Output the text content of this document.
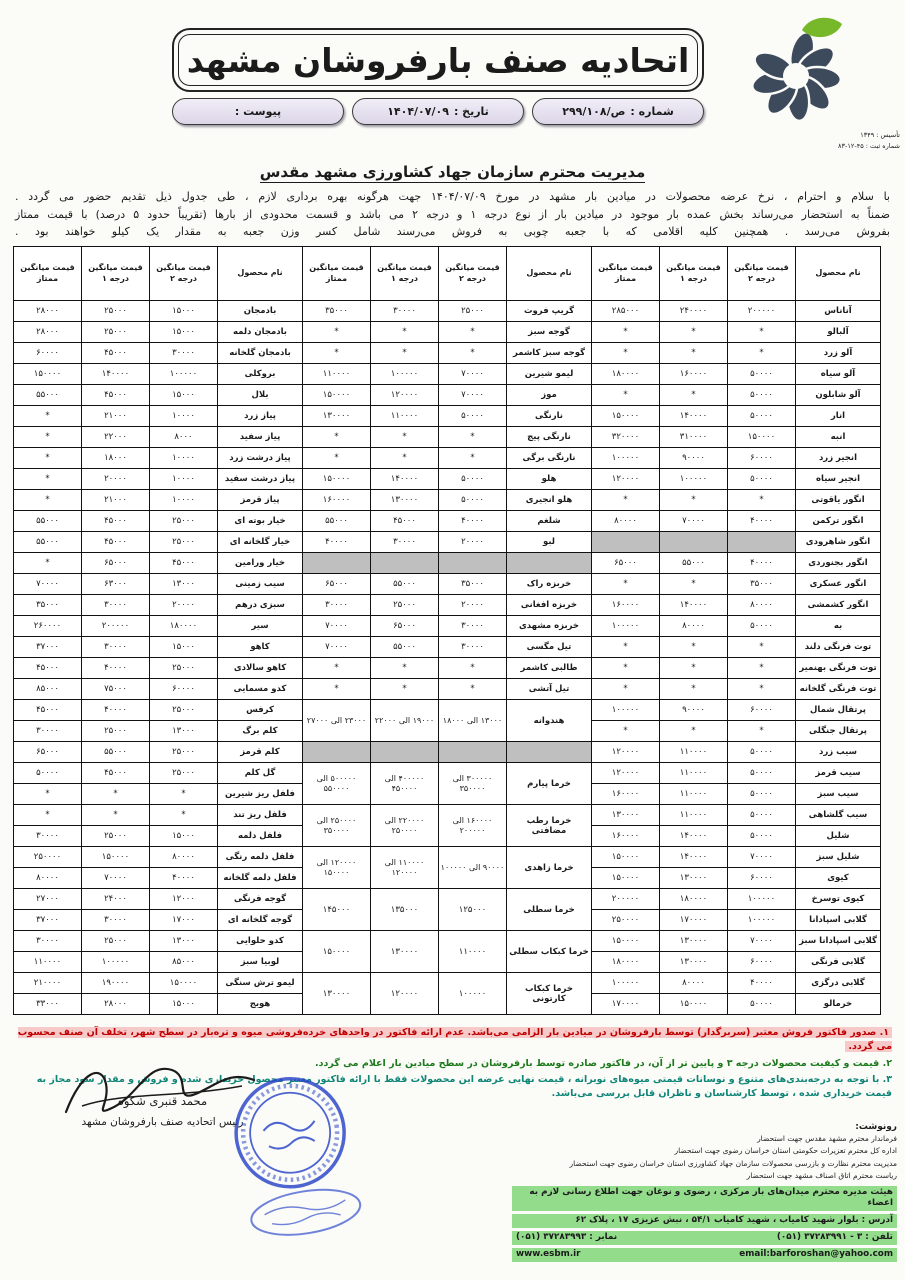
اتحادیه صنف بارفروشان مشهد
تأسیس : ۱۳۴۹
شماره ثبت : ۴۵-۱۲-۸۳
شماره :
۲۹۹/ص/۱۰۸
تاریخ :
۱۴۰۴/۰۷/۰۹
پیوست :
مدیریت محترم سازمان جهاد کشاورزی مشهد مقدس
با سلام و احترام ، نرخ عرضه محصولات در میادین بار مشهد در مورخ ۱۴۰۴/۰۷/۰۹ جهت هرگونه بهره برداری لازم ، طی جدول ذیل تقدیم حضور می گردد .
ضمناً به استحضار می‌رساند بخش عمده بار موجود در میادین بار از نوع درجه ۱ و درجه ۲ می باشد و قسمت محدودی از بارها (تقریباً حدود ۵ درصد) با قیمت ممتاز
بفروش می‌رسد . همچنین کلیه اقلامی که با جعبه چوبی به فروش می‌رسند شامل کسر وزن جعبه به مقدار یک کیلو خواهند بود .
نام محصول	قیمت میانگین درجه ۲	قیمت میانگین درجه ۱	قیمت میانگین ممتاز	نام محصول	قیمت میانگین درجه ۲	قیمت میانگین درجه ۱	قیمت میانگین ممتاز	نام محصول	قیمت میانگین درجه ۲	قیمت میانگین درجه ۱	قیمت میانگین ممتاز
آناناس	۲۰۰۰۰۰	۲۴۰۰۰۰	۲۸۵۰۰۰	گریپ فروت	۲۵۰۰۰	۳۰۰۰۰	۳۵۰۰۰	بادمجان	۱۵۰۰۰	۲۵۰۰۰	۲۸۰۰۰
آلبالو	*	*	*	گوجه سبز	*	*	*	بادمجان دلمه	۱۵۰۰۰	۲۵۰۰۰	۲۸۰۰۰
آلو زرد	*	*	*	گوجه سبز کاشمر	*	*	*	بادمجان گلخانه	۳۰۰۰۰	۴۵۰۰۰	۶۰۰۰۰
آلو سیاه	۵۰۰۰۰	۱۶۰۰۰۰	۱۸۰۰۰۰	لیمو شیرین	۷۰۰۰۰	۱۰۰۰۰۰	۱۱۰۰۰۰	بروکلی	۱۰۰۰۰۰	۱۴۰۰۰۰	۱۵۰۰۰۰
آلو شابلون	۵۰۰۰۰	*	*	موز	۷۰۰۰۰	۱۲۰۰۰۰	۱۵۰۰۰۰	بلال	۱۵۰۰۰	۴۵۰۰۰	۵۵۰۰۰
انار	۵۰۰۰۰	۱۴۰۰۰۰	۱۵۰۰۰۰	نارنگی	۵۰۰۰۰	۱۱۰۰۰۰	۱۳۰۰۰۰	پیاز زرد	۱۰۰۰۰	۲۱۰۰۰	*
انبه	۱۵۰۰۰۰	۳۱۰۰۰۰	۳۲۰۰۰۰	نارنگی پیج	*	*	*	پیاز سفید	۸۰۰۰	۲۲۰۰۰	*
انجیر زرد	۶۰۰۰۰	۹۰۰۰۰	۱۰۰۰۰۰	نارنگی برگی	*	*	*	پیاز درشت زرد	۱۰۰۰۰	۱۸۰۰۰	*
انجیر سیاه	۵۰۰۰۰	۱۰۰۰۰۰	۱۲۰۰۰۰	هلو	۵۰۰۰۰	۱۴۰۰۰۰	۱۵۰۰۰۰	پیاز درشت سفید	۱۰۰۰۰	۲۰۰۰۰	*
انگور یاقوتی	*	*	*	هلو انجیری	۵۰۰۰۰	۱۳۰۰۰۰	۱۶۰۰۰۰	پیاز قرمز	۱۰۰۰۰	۲۱۰۰۰	*
انگور ترکمن	۴۰۰۰۰	۷۰۰۰۰	۸۰۰۰۰	شلغم	۴۰۰۰۰	۴۵۰۰۰	۵۵۰۰۰	خیار بوته ای	۲۵۰۰۰	۴۵۰۰۰	۵۵۰۰۰
انگور شاهرودی				لبو	۲۰۰۰۰	۳۰۰۰۰	۴۰۰۰۰	خیار گلخانه ای	۲۵۰۰۰	۴۵۰۰۰	۵۵۰۰۰
انگور بجنوردی	۴۰۰۰۰	۵۵۰۰۰	۶۵۰۰۰					خیار ورامین	۴۵۰۰۰	۶۵۰۰۰	*
انگور عسکری	۳۵۰۰۰	*	*	خربزه راک	۳۵۰۰۰	۵۵۰۰۰	۶۵۰۰۰	سیب زمینی	۱۳۰۰۰	۶۳۰۰۰	۷۰۰۰۰
انگور کشمشی	۸۰۰۰۰	۱۴۰۰۰۰	۱۶۰۰۰۰	خربزه افغانی	۲۰۰۰۰	۲۵۰۰۰	۳۰۰۰۰	سبزی درهم	۲۰۰۰۰	۳۰۰۰۰	۳۵۰۰۰
به	۵۰۰۰۰	۸۰۰۰۰	۱۰۰۰۰۰	خربزه مشهدی	۳۰۰۰۰	۶۵۰۰۰	۷۰۰۰۰	سیر	۱۸۰۰۰۰	۲۰۰۰۰۰	۲۶۰۰۰۰
توت فرنگی دلند	*	*	*	تیل مگسی	۳۰۰۰۰	۵۵۰۰۰	۷۰۰۰۰	کاهو	۱۵۰۰۰	۳۰۰۰۰	۳۷۰۰۰
توت فرنگی بهنمیر	*	*	*	طالبی کاشمر	*	*	*	کاهو سالادی	۲۵۰۰۰	۴۰۰۰۰	۴۵۰۰۰
توت فرنگی گلخانه	*	*	*	تیل آتشی	*	*	*	کدو مسمایی	۶۰۰۰۰	۷۵۰۰۰	۸۵۰۰۰
پرتقال شمال	۶۰۰۰۰	۹۰۰۰۰	۱۰۰۰۰۰	هندوانه	۱۳۰۰۰ الی ۱۸۰۰۰	۱۹۰۰۰ الی ۲۲۰۰۰	۲۳۰۰۰ الی ۲۷۰۰۰	کرفس	۲۵۰۰۰	۴۰۰۰۰	۴۵۰۰۰
پرتقال جنگلی	*	*	*					کلم برگ	۱۳۰۰۰	۲۵۰۰۰	۳۰۰۰۰
سیب زرد	۵۰۰۰۰	۱۱۰۰۰۰	۱۲۰۰۰۰					کلم قرمز	۲۵۰۰۰	۵۵۰۰۰	۶۵۰۰۰
سیب قرمز	۵۰۰۰۰	۱۱۰۰۰۰	۱۲۰۰۰۰	خرما پیارم	۳۰۰۰۰۰ الی ۳۵۰۰۰۰	۴۰۰۰۰۰ الی ۴۵۰۰۰۰	۵۰۰۰۰۰ الی ۵۵۰۰۰۰	گل کلم	۲۵۰۰۰	۴۵۰۰۰	۵۰۰۰۰
سیب سبز	۵۰۰۰۰	۱۱۰۰۰۰	۱۶۰۰۰۰					فلفل ریز شیرین	*	*	*
سیب گلشاهی	۵۰۰۰۰	۱۱۰۰۰۰	۱۳۰۰۰۰	خرما رطب مضافتی	۱۶۰۰۰۰ الی ۲۰۰۰۰۰	۲۲۰۰۰۰ الی ۲۵۰۰۰۰	۲۵۰۰۰۰ الی ۳۵۰۰۰۰	فلفل ریز تند	*	*	*
شلیل	۵۰۰۰۰	۱۴۰۰۰۰	۱۶۰۰۰۰					فلفل دلمه	۱۵۰۰۰	۲۵۰۰۰	۳۰۰۰۰
شلیل سبز	۷۰۰۰۰	۱۴۰۰۰۰	۱۵۰۰۰۰	خرما زاهدی	۹۰۰۰۰ الی ۱۰۰۰۰۰	۱۱۰۰۰۰ الی ۱۲۰۰۰۰	۱۲۰۰۰۰ الی ۱۵۰۰۰۰	فلفل دلمه رنگی	۸۰۰۰۰	۱۵۰۰۰۰	۲۵۰۰۰۰
کیوی	۶۰۰۰۰	۱۳۰۰۰۰	۱۵۰۰۰۰					فلفل دلمه گلخانه	۴۰۰۰۰	۷۰۰۰۰	۸۰۰۰۰
کیوی توسرخ	۱۰۰۰۰۰	۱۸۰۰۰۰	۲۰۰۰۰۰	خرما سطلی	۱۲۵۰۰۰	۱۳۵۰۰۰	۱۴۵۰۰۰	گوجه فرنگی	۱۲۰۰۰	۲۴۰۰۰	۲۷۰۰۰
گلابی اسپادانا	۱۰۰۰۰۰	۱۷۰۰۰۰	۲۵۰۰۰۰					گوجه گلخانه ای	۱۷۰۰۰	۳۰۰۰۰	۳۷۰۰۰
گلابی اسپادانا سبز	۷۰۰۰۰	۱۳۰۰۰۰	۱۵۰۰۰۰	خرما کبکاب سطلی	۱۱۰۰۰۰	۱۳۰۰۰۰	۱۵۰۰۰۰	کدو حلوایی	۱۳۰۰۰	۲۵۰۰۰	۳۰۰۰۰
گلابی فرنگی	۶۰۰۰۰	۱۳۰۰۰۰	۱۸۰۰۰۰					لوبیا سبز	۸۵۰۰۰	۱۰۰۰۰۰	۱۱۰۰۰۰
گلابی درگزی	۴۰۰۰۰	۸۰۰۰۰	۱۰۰۰۰۰	خرما کبکاب کارتونی	۱۰۰۰۰۰	۱۲۰۰۰۰	۱۳۰۰۰۰	لیمو ترش سنگی	۱۵۰۰۰۰	۱۹۰۰۰۰	۲۱۰۰۰۰
خرمالو	۵۰۰۰۰	۱۵۰۰۰۰	۱۷۰۰۰۰					هویج	۱۵۰۰۰	۲۸۰۰۰	۳۳۰۰۰
۱. صدور فاکتور فروش معتبر (سربرگدار) توسط بارفروشان در میادین بار الزامی می‌باشد. عدم ارائه فاکتور در واحدهای خرده‌فروشی میوه و تره‌بار در سطح شهر، تخلف آن صنف محسوب می گردد.
۲. قیمت و کیفیت محصولات درجه ۳ و پایین تر از آن، در فاکتور صادره توسط بارفروشان در سطح میادین بار اعلام می گردد.
۳. با توجه به درجه‌بندی‌های متنوع و نوسانات قیمتی میوه‌های نوبرانه ، قیمت نهایی عرضه این محصولات فقط با ارائه فاکتور معتبر محصول خریداری شده و فروش و مقدار سود مجاز به قیمت خریداری شده ، توسط کارشناسان و ناظران قابل بررسی می‌باشد.
محمد قنبری شکوه
رئیس اتحادیه صنف بارفروشان مشهد	رونوشت:
فرماندار محترم مشهد مقدس جهت استحضار
اداره کل محترم تعزیرات حکومتی استان خراسان رضوی جهت استحضار
مدیریت محترم نظارت و بازرسی محصولات سازمان جهاد کشاورزی استان خراسان رضوی جهت استحضار
ریاست محترم اتاق اصناف مشهد جهت استحضار
هیئت مدیره محترم میدان‌های بار مرکزی ، رضوی و نوغان جهت اطلاع رسانی لازم به اعضاء
آدرس : بلوار شهید کامیاب ، شهید کامیاب ۵۴/۱ ، نبش عزیزی ۱۷ ، پلاک ۶۲
تلفن : ۳ - ۳۷۲۸۳۹۹۱ (۰۵۱)
نمابر : ۳۷۲۸۳۹۹۳ (۰۵۱)
email:barforoshan@yahoo.com
www.esbm.ir
